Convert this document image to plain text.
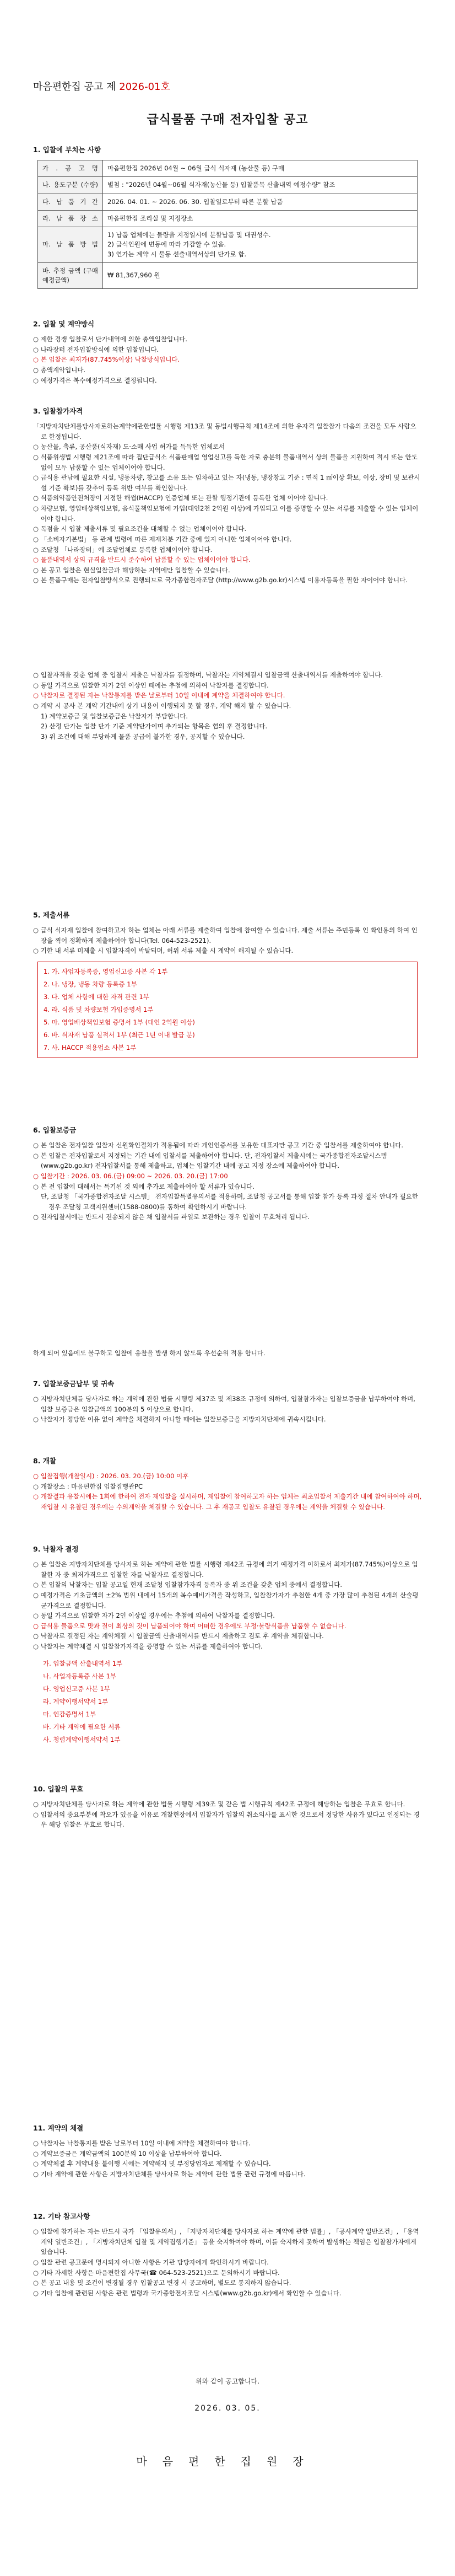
마음편한집 공고 제 2026-01호
급식물품 구매 전자입찰 공고
1. 입찰에 부치는 사항
가 . 공 고 명	마음편한집 2026년 04월 ~ 06월 급식 식자재 (농산물 등) 구매
나. 용도구분 (수량)	별첨 : "2026년 04월~06월 식자재(농산물 등) 입찰품목 산출내역 예정수량" 참조
다. 납 품 기 간	2026. 04. 01. ~ 2026. 06. 30. 입찰일로부터 따른 분할 납품
라. 납 품 장 소	마음편한집 조리실 및 지정장소
마. 납 품 방 법	1) 납품 업체에는 물량을 지정일시에 분할납품 및 대권성수.
2) 급식인원에 변동에 따라 가감할 수 있음.
3) 연가는 계약 시 물동 선출내역서상의 단가로 함.

바. 추정 금액 (구매예정금액)	₩ 81,367,960 원
2. 입찰 및 계약방식
○ 제한 경쟁 입찰로서 단가내역에 의한 총액입찰입니다.
○ 나라장터 전자입찰방식에 의한 입찰입니다.
○ 본 입찰은 최저가(87.745%이상) 낙찰방식입니다.
○ 총액계약입니다.
○ 예정가격은 복수예정가격으로 결정됩니다.
3. 입찰참가자격
「지방자치단체를당사자로하는계약에관한법률 시행령 제13조 및 동법시행규칙 제14조에 의한 유자격 입찰참가 다음의 조건을 모두 사람으로 한정됩니다.
○ 농산물, 축류, 공산품(식자재) 도·소매 사업 허가를 득득한 업체로서
○ 식품위생법 시행령 제21조에 따라 집단급식소 식품판매업 영업신고를 득한 자로 충분히 물품내역서 상의 물품을 지원하여 적시 또는 안도 없이 모두 납품할 수 있는 업체이어야 합니다.
○ 급식용 관납에 필요한 시설, 냉동차량, 창고를 소유 또는 임차하고 있는 자(냉동, 냉장창고 기준 : 면적 1 ㎡이상 확보, 이상, 장비 및 보관시설 기준 확보)를 갖추어 등록 위반 여부를 확인합니다.
○ 식품의약품안전처장이 지정한 해썹(HACCP) 인증업체 또는 관할 행정기관에 등록한 업체 이어야 합니다.
○ 차량보험, 영업배상책임보험, 음식물책임보험에 가입(대인2천 2억원 이상)에 가입되고 이를 증명할 수 있는 서류를 제출할 수 있는 업체이어야 합니다.
○ 독점을 시 입찰 제출서류 및 필요조건을 대체할 수 없는 업체이어야 합니다.
○ 「소비자기본법」 등 관계 법령에 따른 제재처분 기간 중에 있지 아니한 업체이어야 합니다.
○ 조달청 「나라장터」에 조달업체로 등록한 업체이어야 합니다.
○ 물품내역서 상의 규격을 반드시 준수하여 납품할 수 있는 업체이어야 합니다.
○ 본 공고 입찰은 현실입찰금과 해당하는 지역에만 입찰할 수 있습니다.
○ 본 물품구매는 전자입찰방식으로 진행되므로 국가종합전자조달 (http://www.g2b.go.kr)시스템 이용자등록을 필한 자이어야 합니다.
○ 입찰자격을 갖춘 업체 중 입찰서 제출은 낙찰자를 결정하며, 낙찰자는 계약체결시 입찰금액 산출내역서를 제출하여야 합니다.
○ 동일 가격으로 입찰한 자가 2인 이상인 때에는 추첨에 의하여 낙찰자를 결정합니다.
○ 낙찰자로 결정된 자는 낙찰통지를 받은 날로부터 10일 이내에 계약을 체결하여야 합니다.
○ 계약 시 공사 본 계약 기간내에 상기 내용이 이행되지 못 할 경우, 계약 해지 할 수 있습니다.
1) 계약보증금 및 입찰보증금은 낙찰자가 부담합니다.
2) 산정 단가는 입찰 단가 기준 계약단가이며 추가되는 항목은 협의 후 결정합니다.
3) 위 조건에 대해 부당하게 물품 공급이 불가한 경우, 공지할 수 있습니다.
5. 제출서류
○ 급식 식자재 입찰에 참여하고자 하는 업체는 아래 서류를 제출하여 입찰에 참여할 수 있습니다. 제출 서류는 주민등록 인 확인용의 하여 인장을 찍어 정확하게 제출하여야 합니다(Tel. 064-523-2521).
○ 기한 내 서류 미제출 시 입찰자격이 박탈되며, 허위 서류 제출 시 계약이 해지될 수 있습니다.
1. 가. 사업자등록증, 영업신고증 사본 각 1부
2. 나. 냉장, 냉동 차량 등록증 1부
3. 다. 업체 사항에 대한 자격 관련 1부
4. 라. 식품 및 차량보험 가입증명서 1부
5. 마. 영업배상책임보험 증명서 1부 (대인 2억원 이상)
6. 바. 식자재 납품 실적서 1부 (최근 1년 이내 발급 분)
7. 사. HACCP 적용업소 사본 1부
6. 입찰보증금
○ 본 입찰은 전자입찰 입찰자 신원확인절차가 적용됨에 따라 개인인증서를 보유한 대표자만 공고 기간 중 입찰서를 제출하여야 합니다.
○ 본 입찰은 전자입찰로서 지정되는 기간 내에 입찰서를 제출하여야 합니다. 단, 전자입찰서 제출시에는 국가종합전자조달시스템(www.g2b.go.kr) 전자입찰서를 통해 제출하고, 업체는 입찰기간 내에 공고 지정 장소에 제출하여야 합니다.
○ 입찰기간 : 2026. 03. 06.(금) 09:00 ~ 2026. 03. 20.(금) 17:00
○ 본 전 입찰에 대해서는 특기된 것 외에 추가로 제출하여야 할 서류가 있습니다.
단, 조달청 「국가종합전자조달 시스템」 전자입찰특별유의서를 적용하며, 조달청 공고서를 통해 입찰 참가 등록 과정 절차 안내가 필요한 경우 조달청 고객지원센터(1588-0800)를 통하여 확인하시기 바랍니다.
○ 전자입찰서에는 반드시 전송되지 않은 채 입찰서를 파일로 보관하는 경우 입찰이 무효처리 됩니다.
하게 되어 있음에도 불구하고 입찰에 응찰을 발생 하지 않도록 우선순위 적용 합니다.
7. 입찰보증금납부 및 귀속
○ 지방자치단체를 당사자로 하는 계약에 관한 법률 시행령 제37조 및 제38조 규정에 의하여, 입찰참가자는 입찰보증금을 납부하여야 하며, 입찰 보증금은 입찰금액의 100분의 5 이상으로 합니다.
○ 낙찰자가 정당한 이유 없이 계약을 체결하지 아니할 때에는 입찰보증금을 지방자치단체에 귀속시킵니다.
8. 개찰
○ 입찰집행(개찰일시) : 2026. 03. 20.(금) 10:00 이후
○ 개찰장소 : 마음편한집 입찰집행관PC
○ 개찰결과 유찰시에는 1회에 한하여 전자 재입찰을 실시하며, 재입찰에 참여하고자 하는 업체는 최초입찰서 제출기간 내에 참여하여야 하며, 재입찰 시 유찰된 경우에는 수의계약을 체결할 수 있습니다. 그 후 재공고 입찰도 유찰된 경우에는 계약을 체결할 수 있습니다.
9. 낙찰자 결정
○ 본 입찰은 지방자치단체를 당사자로 하는 계약에 관한 법률 시행령 제42조 규정에 의거 예정가격 이하로서 최저가(87.745%)이상으로 입찰한 자 중 최저가격으로 입찰한 자를 낙찰자로 결정합니다.
○ 본 입찰의 낙찰자는 입찰 공고일 현재 조달청 입찰참가자격 등록자 중 위 조건을 갖춘 업체 중에서 결정합니다.
○ 예정가격은 기초금액의 ±2% 범위 내에서 15개의 복수예비가격을 작성하고, 입찰참가자가 추첨한 4개 중 가장 많이 추첨된 4개의 산술평균가격으로 결정합니다.
○ 동일 가격으로 입찰한 자가 2인 이상일 경우에는 추첨에 의하여 낙찰자를 결정합니다.
○ 급식용 물품으로 맛과 질이 최상의 것이 납품되어야 하며 어떠한 경우에도 부정·불량식품을 납품할 수 없습니다.
○ 낙찰자로 결정된 자는 계약체결 시 입찰금액 산출내역서를 반드시 제출하고 검토 후 계약을 체결합니다.
○ 낙찰자는 계약체결 시 입찰참가자격을 증명할 수 있는 서류를 제출하여야 합니다.
가. 입찰금액 산출내역서 1부
나. 사업자등록증 사본 1부
다. 영업신고증 사본 1부
라. 계약이행서약서 1부
마. 인감증명서 1부
바. 기타 계약에 필요한 서류
사. 청렴계약이행서약서 1부
10. 입찰의 무효
○ 지방자치단체를 당사자로 하는 계약에 관한 법률 시행령 제39조 및 같은 법 시행규칙 제42조 규정에 해당하는 입찰은 무효로 합니다.
○ 입찰서의 중요부분에 착오가 있음을 이유로 개찰현장에서 입찰자가 입찰의 취소의사를 표시한 것으로서 정당한 사유가 있다고 인정되는 경우 해당 입찰은 무효로 합니다.
11. 계약의 체결
○ 낙찰자는 낙찰통지를 받은 날로부터 10일 이내에 계약을 체결하여야 합니다.
○ 계약보증금은 계약금액의 100분의 10 이상을 납부하여야 합니다.
○ 계약체결 후 계약내용 불이행 시에는 계약해지 및 부정당업자로 제재할 수 있습니다.
○ 기타 계약에 관한 사항은 지방자치단체를 당사자로 하는 계약에 관한 법률 관련 규정에 따릅니다.
12. 기타 참고사항
○ 입찰에 참가하는 자는 반드시 국가 「입찰유의서」, 「지방자치단체를 당사자로 하는 계약에 관한 법률」, 「공사계약 일반조건」, 「용역계약 일반조건」, 「지방자치단체 입찰 및 계약집행기준」 등을 숙지하여야 하며, 이를 숙지하지 못하여 발생하는 책임은 입찰참가자에게 있습니다.
○ 입찰 관련 공고문에 명시되지 아니한 사항은 기관 담당자에게 확인하시기 바랍니다.
○ 기타 자세한 사항은 마음편한집 사무국(☎ 064-523-2521)으로 문의하시기 바랍니다.
○ 본 공고 내용 및 조건이 변경될 경우 입찰공고 변경 시 공고하며, 별도로 통지하지 않습니다.
○ 기타 입찰에 관련된 사항은 관련 법령과 국가종합전자조달 시스템(www.g2b.go.kr)에서 확인할 수 있습니다.
위와 같이 공고합니다.
2026. 03. 05.
마음편한집원장
